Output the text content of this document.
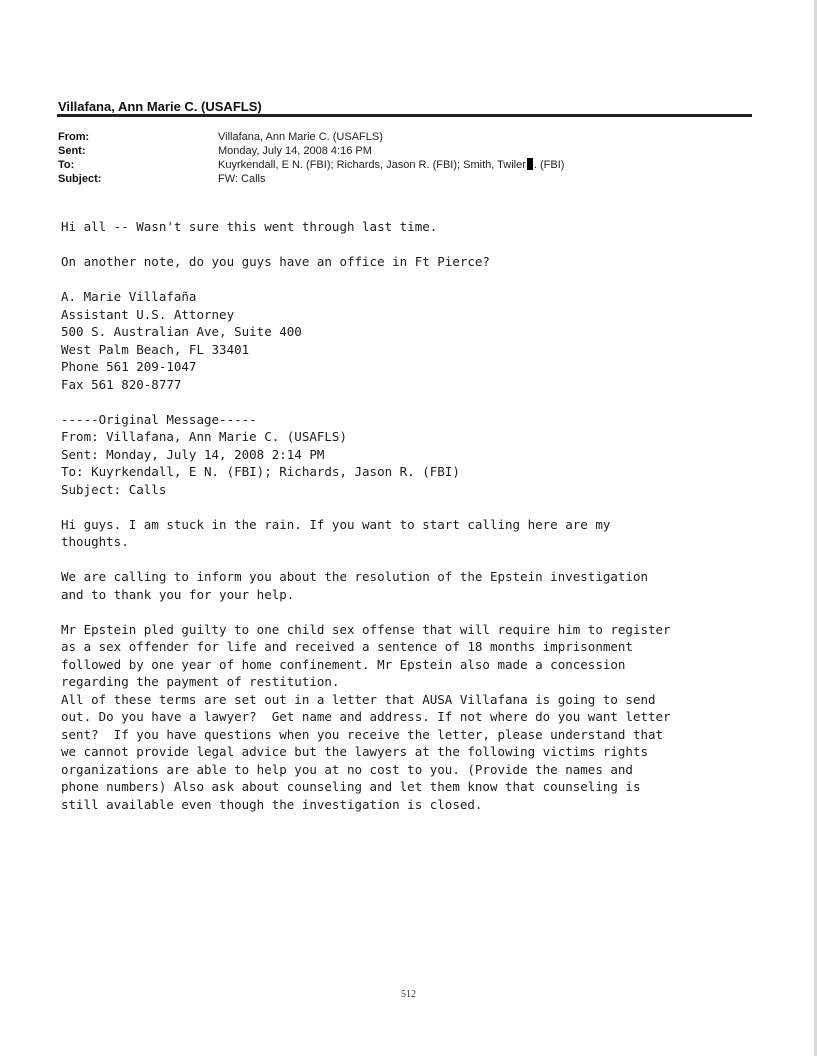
Villafana, Ann Marie C. (USAFLS)
From:	Villafana, Ann Marie C. (USAFLS)
Sent:	Monday, July 14, 2008 4:16 PM
To:	Kuyrkendall, E N. (FBI); Richards, Jason R. (FBI); Smith, Twiler . (FBI)
Subject:	FW: Calls
Hi all -- Wasn't sure this went through last time.

On another note, do you guys have an office in Ft Pierce?

A. Marie Villafaña
Assistant U.S. Attorney
500 S. Australian Ave, Suite 400
West Palm Beach, FL 33401
Phone 561 209-1047
Fax 561 820-8777

-----Original Message-----
From: Villafana, Ann Marie C. (USAFLS)
Sent: Monday, July 14, 2008 2:14 PM
To: Kuyrkendall, E N. (FBI); Richards, Jason R. (FBI)
Subject: Calls

Hi guys. I am stuck in the rain. If you want to start calling here are my
thoughts.

We are calling to inform you about the resolution of the Epstein investigation
and to thank you for your help.

Mr Epstein pled guilty to one child sex offense that will require him to register
as a sex offender for life and received a sentence of 18 months imprisonment
followed by one year of home confinement. Mr Epstein also made a concession
regarding the payment of restitution.
All of these terms are set out in a letter that AUSA Villafana is going to send
out. Do you have a lawyer?  Get name and address. If not where do you want letter
sent?  If you have questions when you receive the letter, please understand that
we cannot provide legal advice but the lawyers at the following victims rights
organizations are able to help you at no cost to you. (Provide the names and
phone numbers) Also ask about counseling and let them know that counseling is
still available even though the investigation is closed.
512
